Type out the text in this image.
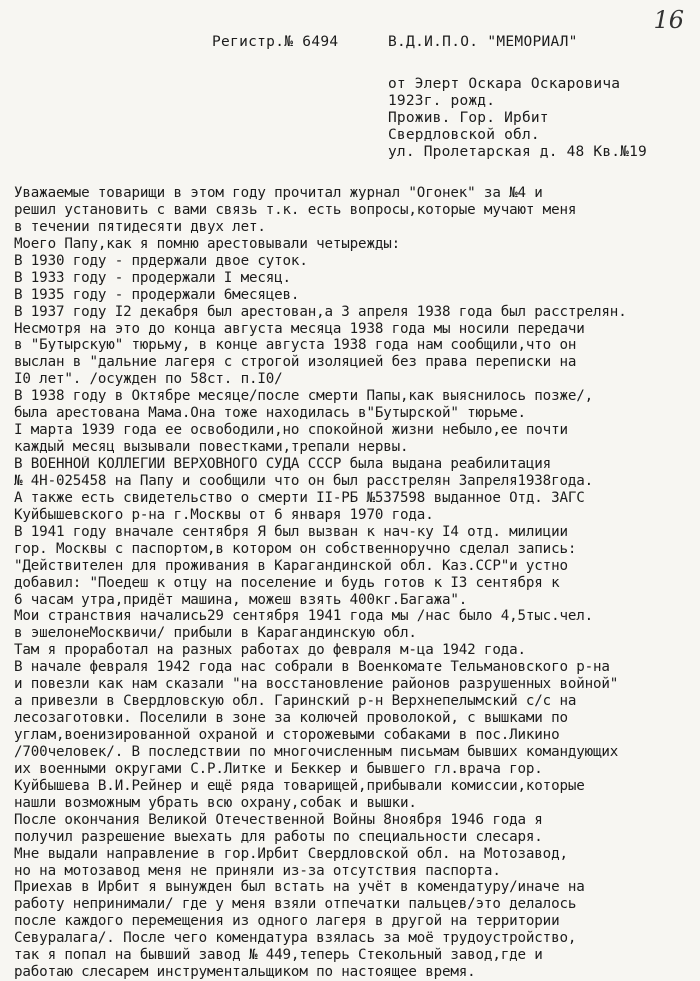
16
Регистр.№ 6494	В.Д.И.П.О. "МЕМОРИАЛ"
от Элерт Оскара Оскаровича
1923г. рожд.
Прожив. Гор. Ирбит
Свердловской обл.
ул. Пролетарская д. 48 Кв.№19
Уважаемые товарищи в этом году прочитал журнал "Огонек" за №4 и
решил установить с вами связь т.к. есть вопросы,которые мучают меня
в течении пятидесяти двух лет.
Моего Папу,как я помню арестовывали четырежды:
В 1930 году - прдержали двое суток.
В 1933 году - продержали I месяц.
В 1935 году - продержали 6месяцев.
В 1937 году I2 декабря был арестован,а 3 апреля 1938 года был расстрелян.
Несмотря на это до конца августа месяца 1938 года мы носили передачи
в "Бутырскую" тюрьму, в конце августа 1938 года нам сообщили,что он
выслан в "дальние лагеря с строгой изоляцией без права переписки на
I0 лет". /осужден по 58ст. п.I0/
В 1938 году в Октябре месяце/после смерти Папы,как выяснилось позже/,
была арестована Мама.Она тоже находилась в"Бутырской" тюрьме.
I марта 1939 года ее освободили,но спокойной жизни небыло,ее почти
каждый месяц вызывали повестками,трепали нервы.
В ВОЕННОЙ КОЛЛЕГИИ ВЕРХОВНОГО СУДА СССР была выдана реабилитация
№ 4Н-025458 на Папу и сообщили что он был расстрелян 3апреля1938года.
А также есть свидетельство о смерти II-РБ №537598 выданное Отд. ЗАГС
Куйбышевского р-на г.Москвы от 6 января 1970 года.
В 1941 году вначале сентября Я был вызван к нач-ку I4 отд. милиции
гор. Москвы с паспортом,в котором он собственноручно сделал запись:
"Действителен для проживания в Карагандинской обл. Каз.ССР"и устно
добавил: "Поедеш к отцу на поселение и будь готов к I3 сентября к
6 часам утра,придёт машина, можеш взять 400кг.Багажа".
Мои странствия начались29 сентября 1941 года мы /нас было 4,5тыс.чел.
в эшелонеМосквичи/ прибыли в Карагандинскую обл.
Там я проработал на разных работах до февраля м-ца 1942 года.
В начале февраля 1942 года нас собрали в Военкомате Тельмановского р-на
и повезли как нам сказали "на восстановление районов разрушенных войной"
а привезли в Свердловскую обл. Гаринский р-н Верхнепелымский с/с на
лесозаготовки. Поселили в зоне за колючей проволокой, с вышками по
углам,военизированной охраной и сторожевыми собаками в пос.Ликино
/700человек/. В последствии по многочисленным письмам бывших командующих
их военными округами С.Р.Литке и Беккер и бывшего гл.врача гор.
Куйбышева В.И.Рейнер и ещё ряда товарищей,прибывали комиссии,которые
нашли возможным убрать всю охрану,собак и вышки.
После окончания Великой Отечественной Войны 8ноября 1946 года я
получил разрешение выехать для работы по специальности слесаря.
Мне выдали направление в гор.Ирбит Свердловской обл. на Мотозавод,
но на мотозавод меня не приняли из-за отсутствия паспорта.
Приехав в Ирбит я вынужден был встать на учёт в комендатуру/иначе на
работу непринимали/ где у меня взяли отпечатки пальцев/это делалось
после каждого перемещения из одного лагеря в другой на территории
Севуралага/. После чего комендатура взялась за моё трудоустройство,
так я попал на бывший завод № 449,теперь Стекольный завод,где и
работаю слесарем инструментальщиком по настоящее время.
